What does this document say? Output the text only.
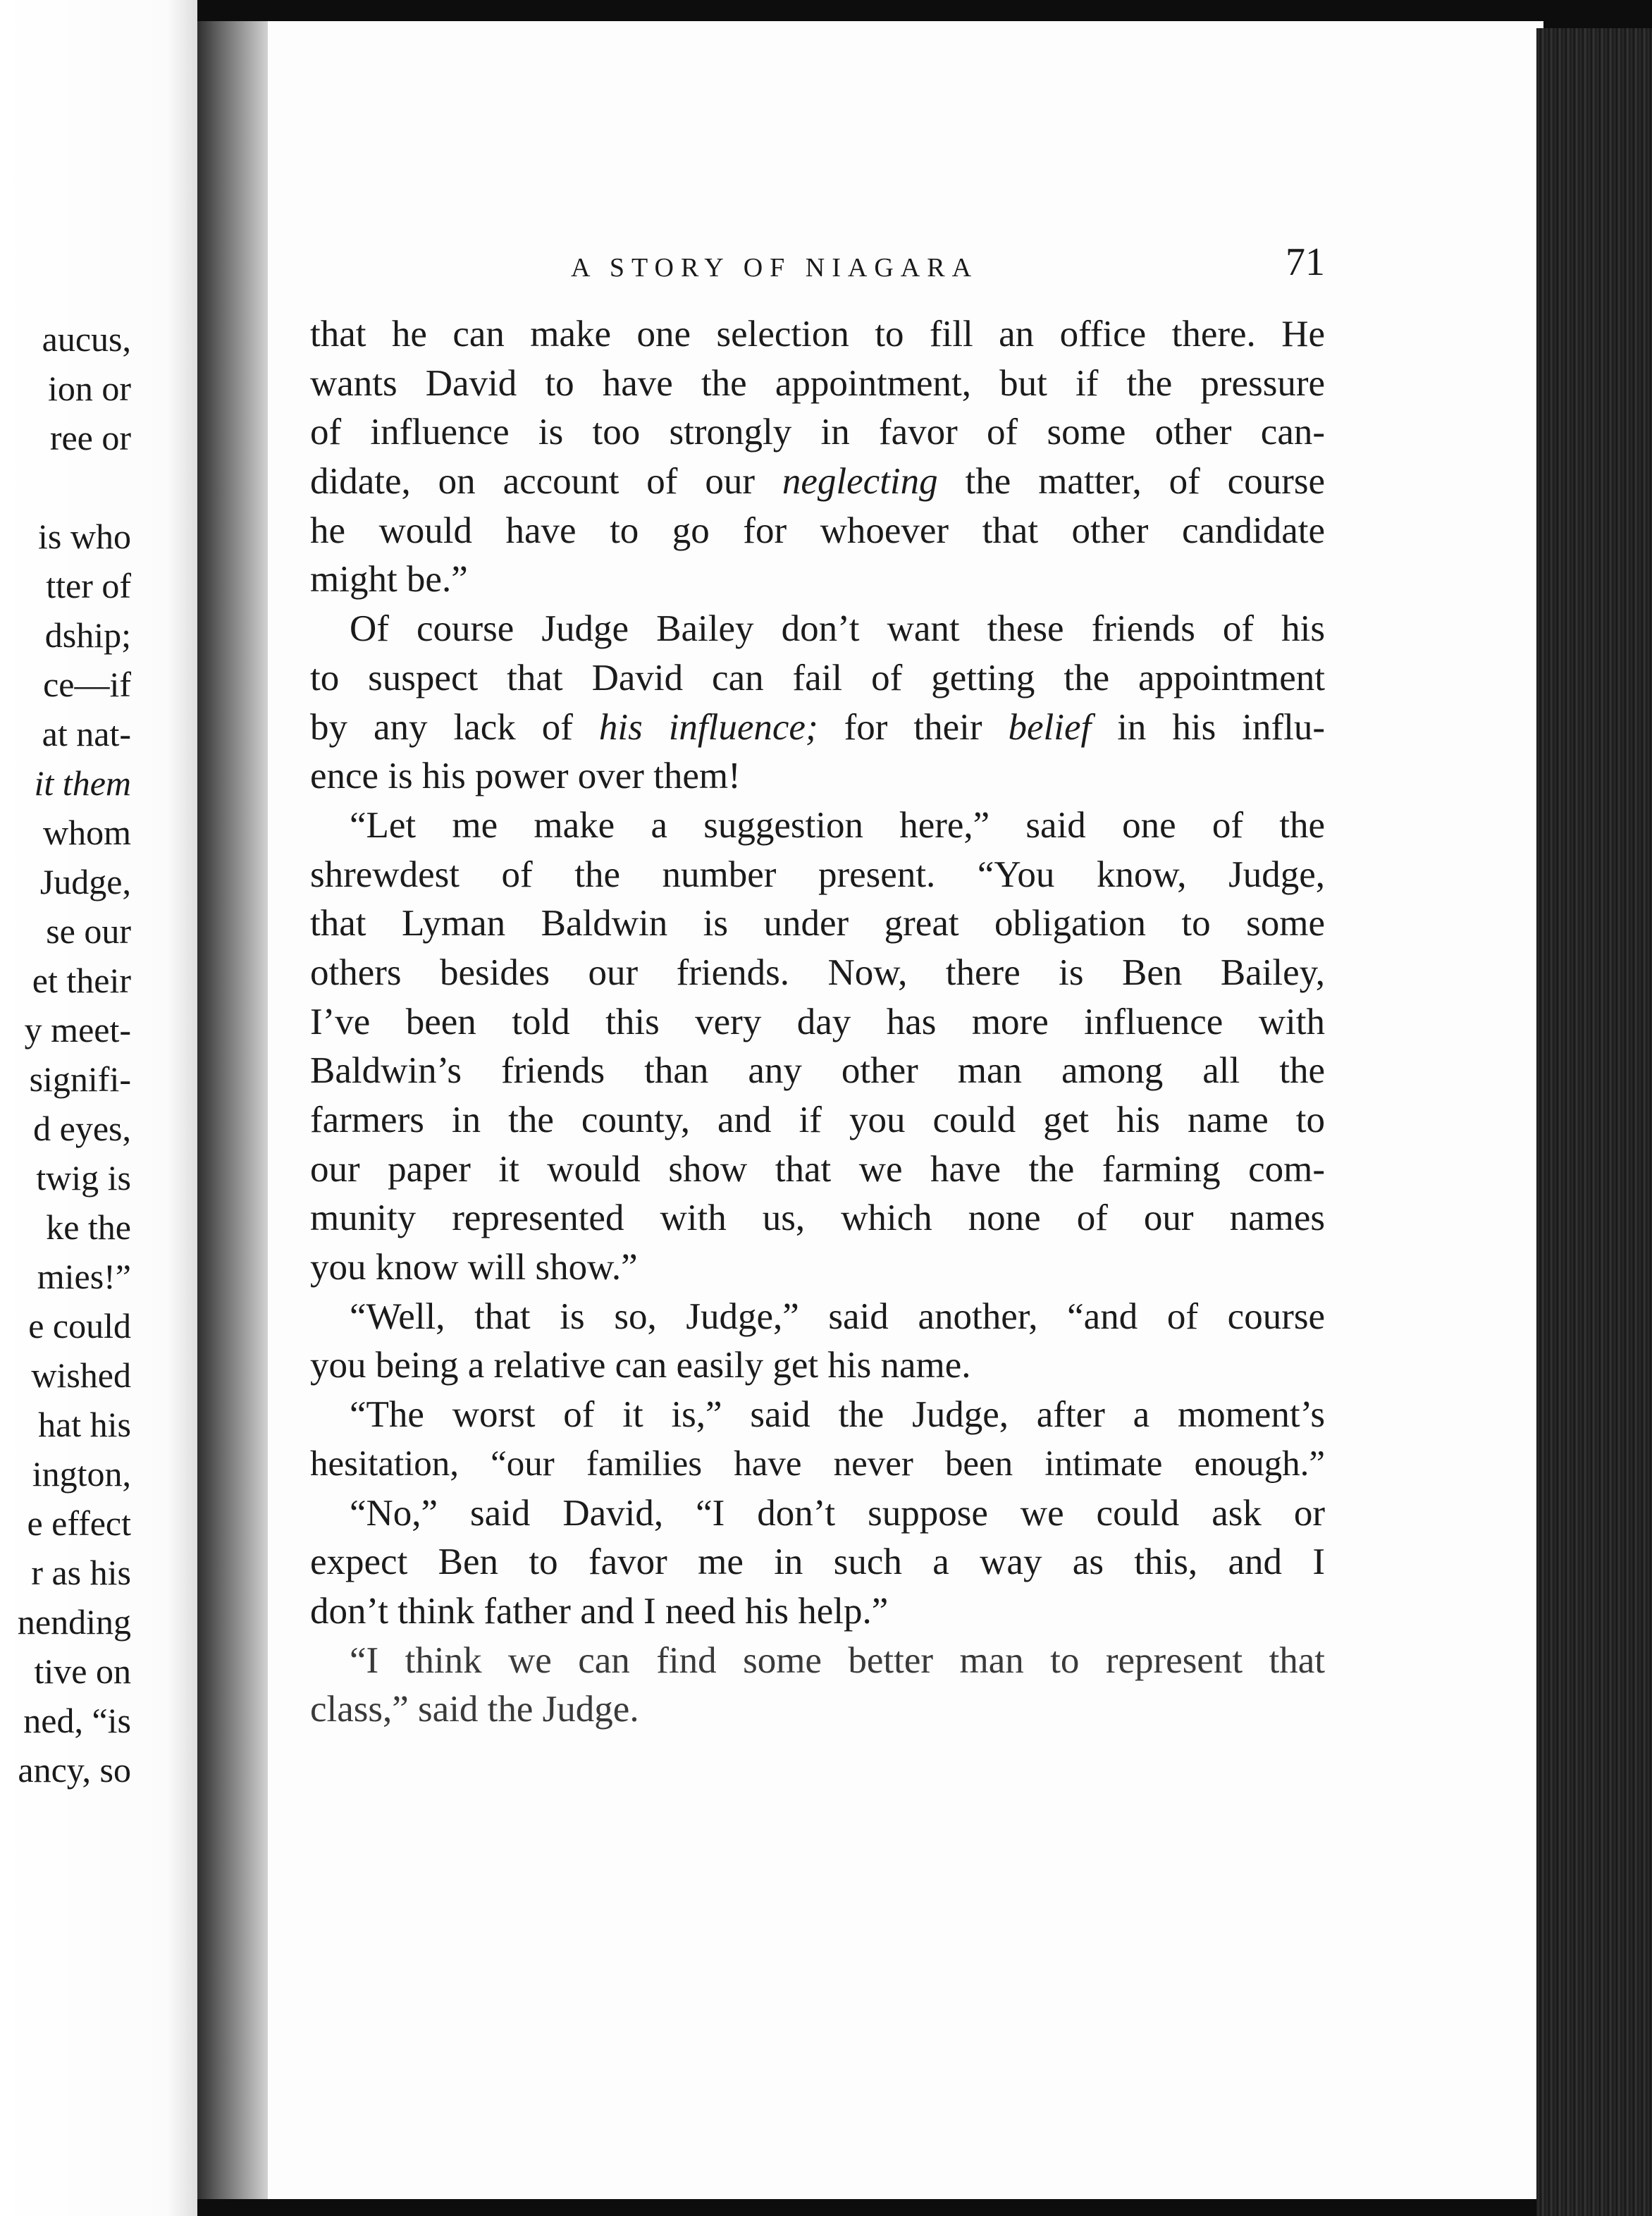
aucus,
ion or
ree or
is who
tter of
dship;
ce—if
at nat-
it them
whom
Judge,
se our
et their
y meet-
signifi-
d eyes,
twig is
ke the
mies!”
e could
wished
hat his
ington,
e effect
r as his
nending
tive on
ned, “is
ancy, so
A STORY OF NIAGARA	71
that he can make one selection to fill an office there. He
wants David to have the appointment, but if the pressure
of influence is too strongly in favor of some other can-
didate, on account of our neglecting the matter, of course
he would have to go for whoever that other candidate
might be.”
Of course Judge Bailey don’t want these friends of his
to suspect that David can fail of getting the appointment
by any lack of his influence; for their belief in his influ-
ence is his power over them!
“Let me make a suggestion here,” said one of the
shrewdest of the number present. “You know, Judge,
that Lyman Baldwin is under great obligation to some
others besides our friends. Now, there is Ben Bailey,
I’ve been told this very day has more influence with
Baldwin’s friends than any other man among all the
farmers in the county, and if you could get his name to
our paper it would show that we have the farming com-
munity represented with us, which none of our names
you know will show.”
“Well, that is so, Judge,” said another, “and of course
you being a relative can easily get his name.
“The worst of it is,” said the Judge, after a moment’s
hesitation, “our families have never been intimate enough.”
“No,” said David, “I don’t suppose we could ask or
expect Ben to favor me in such a way as this, and I
don’t think father and I need his help.”
“I think we can find some better man to represent that
class,” said the Judge.
